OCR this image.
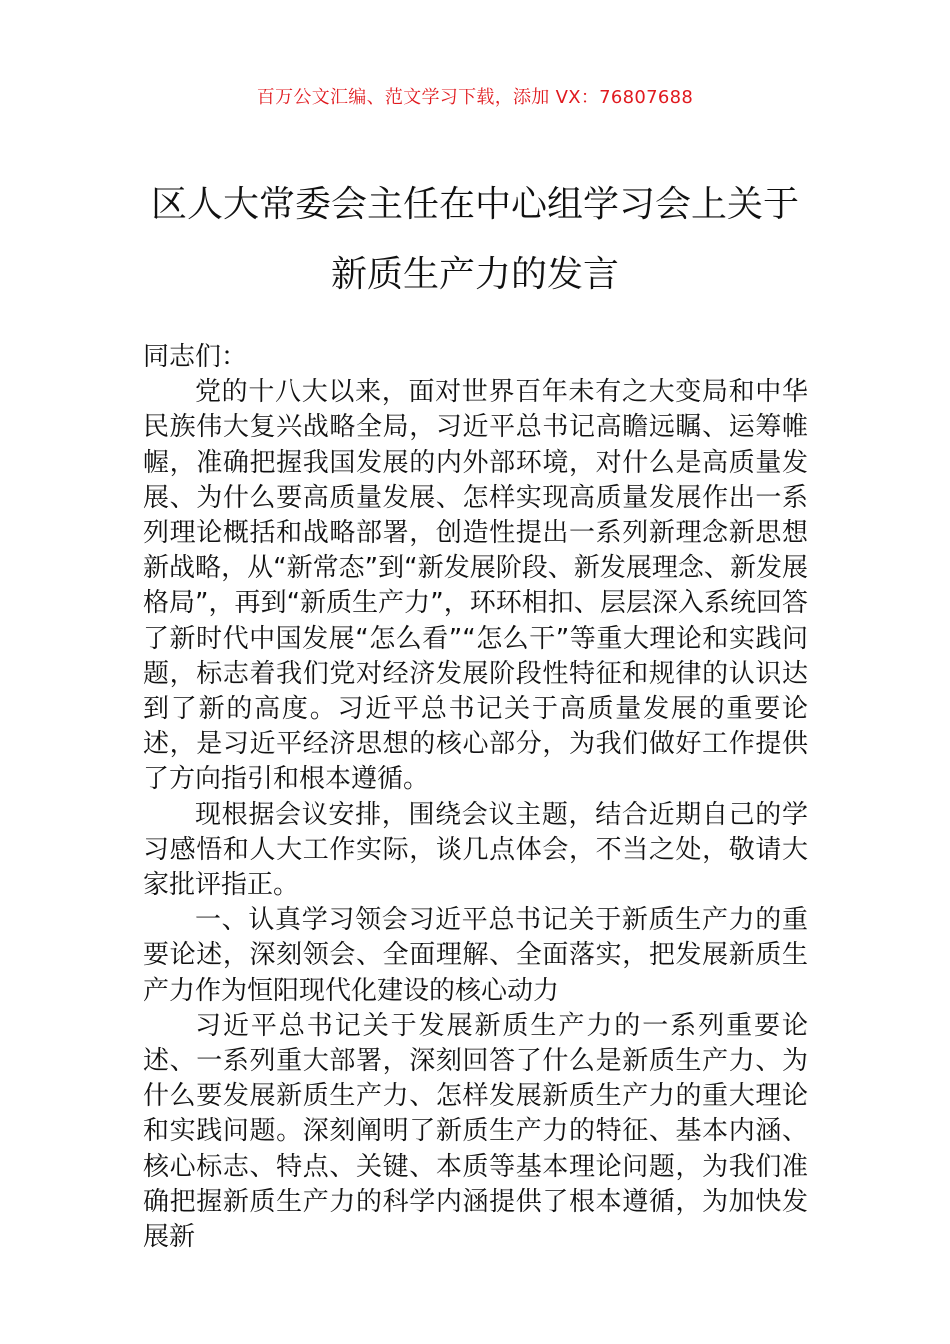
百万公文汇编、范文学习下载，添加 VX：76807688
区人大常委会主任在中心组学习会上关于
新质生产力的发言

同志们：

党的十八大以来，面对世界百年未有之大变局和中华民族伟大复兴战略全局，习近平总书记高瞻远瞩、运筹帷幄，准确把握我国发展的内外部环境，对什么是高质量发展、为什么要高质量发展、怎样实现高质量发展作出一系列理论概括和战略部署，创造性提出一系列新理念新思想新战略，从“新常态”到“新发展阶段、新发展理念、新发展格局”，再到“新质生产力”，环环相扣、层层深入系统回答了新时代中国发展“怎么看”“怎么干”等重大理论和实践问题，标志着我们党对经济发展阶段性特征和规律的认识达到了新的高度。习近平总书记关于高质量发展的重要论述，是习近平经济思想的核心部分，为我们做好工作提供了方向指引和根本遵循。

现根据会议安排，围绕会议主题，结合近期自己的学习感悟和人大工作实际，谈几点体会，不当之处，敬请大家批评指正。

一、认真学习领会习近平总书记关于新质生产力的重要论述，深刻领会、全面理解、全面落实，把发展新质生产力作为恒阳现代化建设的核心动力

习近平总书记关于发展新质生产力的一系列重要论述、一系列重大部署，深刻回答了什么是新质生产力、为什么要发展新质生产力、怎样发展新质生产力的重大理论和实践问题。深刻阐明了新质生产力的特征、基本内涵、核心标志、特点、关键、本质等基本理论问题，为我们准确把握新质生产力的科学内涵提供了根本遵循，为加快发展新
